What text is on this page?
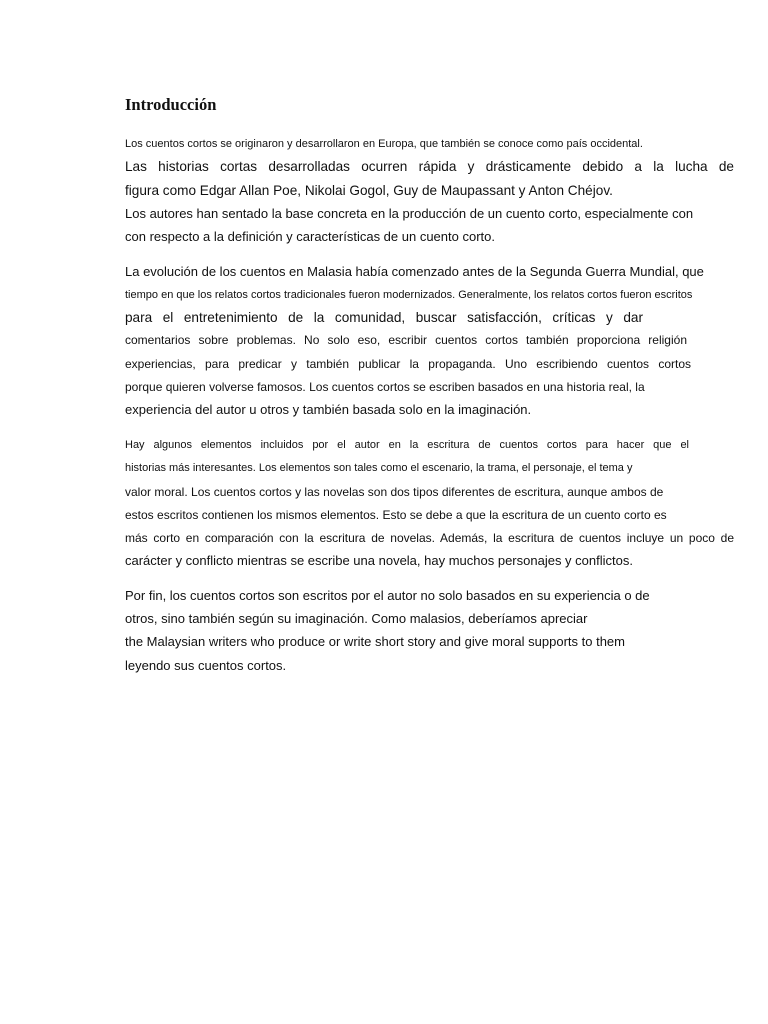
Introducción

Los cuentos cortos se originaron y desarrollaron en Europa, que también se conoce como país occidental.

Las historias cortas desarrolladas ocurren rápida y drásticamente debido a la lucha de

figura como Edgar Allan Poe, Nikolai Gogol, Guy de Maupassant y Anton Chéjov.

Los autores han sentado la base concreta en la producción de un cuento corto, especialmente con

con respecto a la definición y características de un cuento corto.

La evolución de los cuentos en Malasia había comenzado antes de la Segunda Guerra Mundial, que

tiempo en que los relatos cortos tradicionales fueron modernizados. Generalmente, los relatos cortos fueron escritos

para el entretenimiento de la comunidad, buscar satisfacción, críticas y dar

comentarios sobre problemas. No solo eso, escribir cuentos cortos también proporciona religión

experiencias, para predicar y también publicar la propaganda. Uno escribiendo cuentos cortos

porque quieren volverse famosos. Los cuentos cortos se escriben basados en una historia real, la

experiencia del autor u otros y también basada solo en la imaginación.

Hay algunos elementos incluidos por el autor en la escritura de cuentos cortos para hacer que el

historias más interesantes. Los elementos son tales como el escenario, la trama, el personaje, el tema y

valor moral. Los cuentos cortos y las novelas son dos tipos diferentes de escritura, aunque ambos de

estos escritos contienen los mismos elementos. Esto se debe a que la escritura de un cuento corto es

más corto en comparación con la escritura de novelas. Además, la escritura de cuentos incluye un poco de

carácter y conflicto mientras se escribe una novela, hay muchos personajes y conflictos.

Por fin, los cuentos cortos son escritos por el autor no solo basados en su experiencia o de

otros, sino también según su imaginación. Como malasios, deberíamos apreciar

the Malaysian writers who produce or write short story and give moral supports to them

leyendo sus cuentos cortos.
